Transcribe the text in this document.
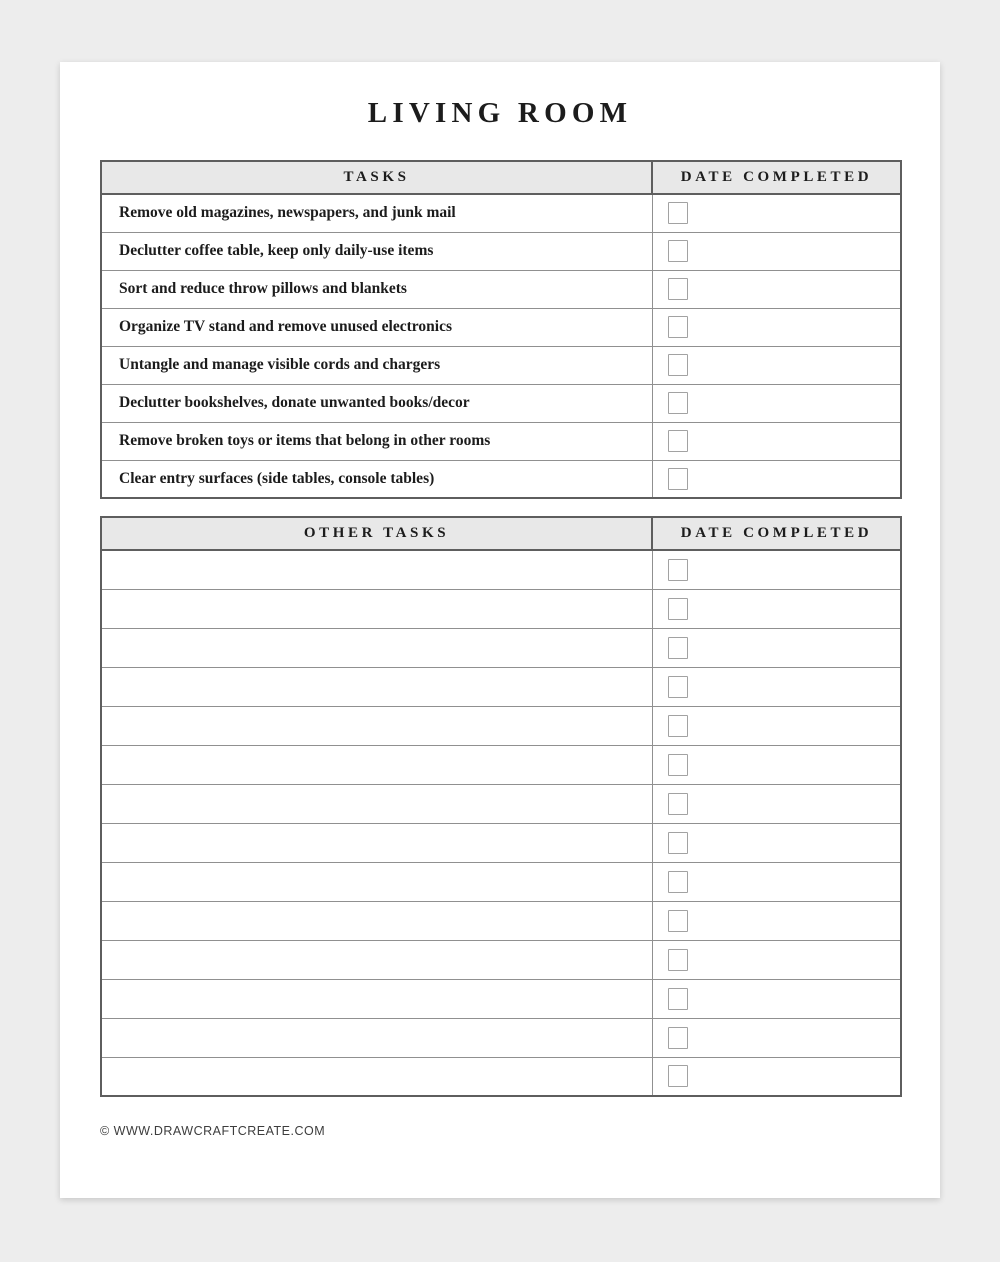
LIVING ROOM
TASKS	DATE COMPLETED
Remove old magazines, newspapers, and junk mail	

Declutter coffee table, keep only daily-use items	

Sort and reduce throw pillows and blankets	

Organize TV stand and remove unused electronics	

Untangle and manage visible cords and chargers	

Declutter bookshelves, donate unwanted books/decor	

Remove broken toys or items that belong in other rooms	

Clear entry surfaces (side tables, console tables)	
OTHER TASKS	DATE COMPLETED

© WWW.DRAWCRAFTCREATE.COM
